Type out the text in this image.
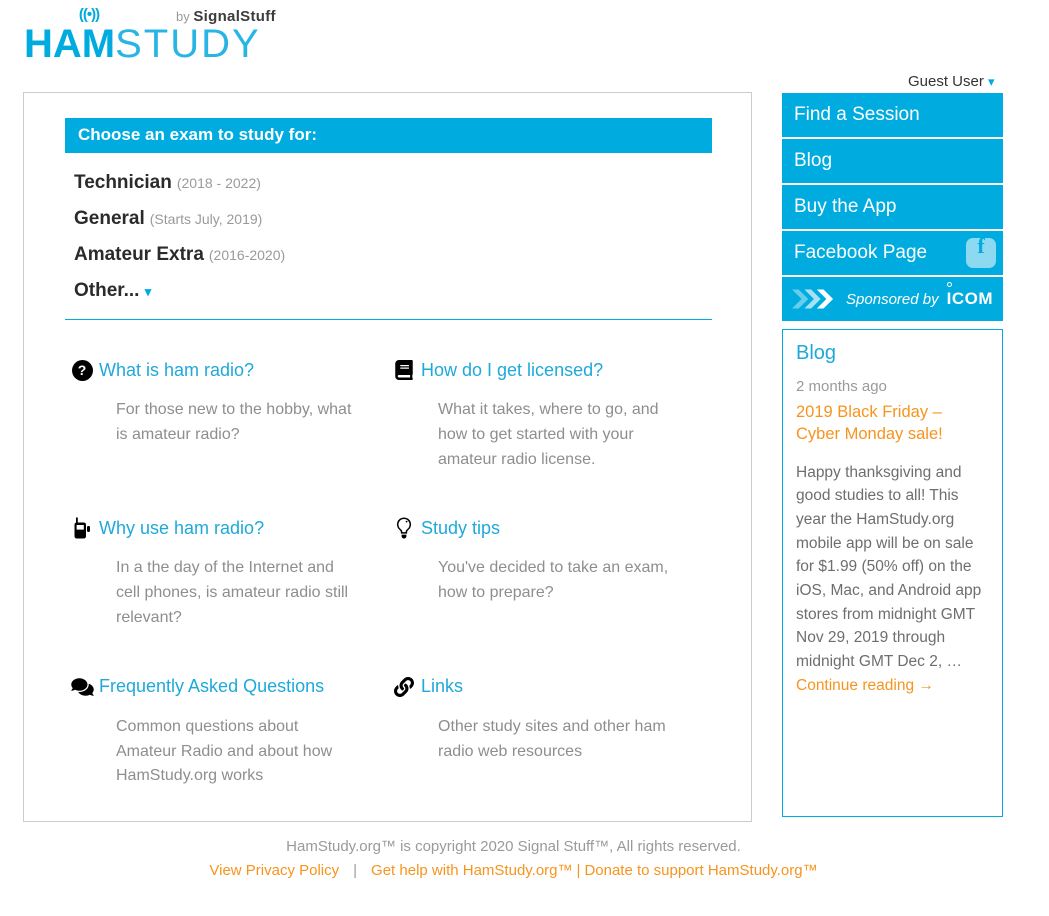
((•))
HAMSTUDY
by SignalStuff
Guest User ▾
Choose an exam to study for:
Technician (2018 - 2022)
General (Starts July, 2019)
Amateur Extra (2016-2020)
Other... ▾
? What is ham radio?
For those new to the hobby, what is amateur radio?
How do I get licensed?
What it takes, where to go, and how to get started with your amateur radio license.
Why use ham radio?
In a the day of the Internet and cell phones, is amateur radio still relevant?
Study tips
You've decided to take an exam, how to prepare?
Frequently Asked Questions
Common questions about Amateur Radio and about how HamStudy.org works
Links
Other study sites and other ham radio web resources
Find a Session
Blog
Buy the App
Facebook Page	f
Sponsored by ICOM
Blog
2 months ago
2019 Black Friday – Cyber Monday sale!
Happy thanksgiving and good studies to all! This year the HamStudy.org mobile app will be on sale for $1.99 (50% off) on the iOS, Mac, and Android app stores from midnight GMT Nov 29, 2019 through midnight GMT Dec 2, … Continue reading →
HamStudy.org™ is copyright 2020 Signal Stuff™, All rights reserved.
View Privacy Policy | Get help with HamStudy.org™ | Donate to support HamStudy.org™
